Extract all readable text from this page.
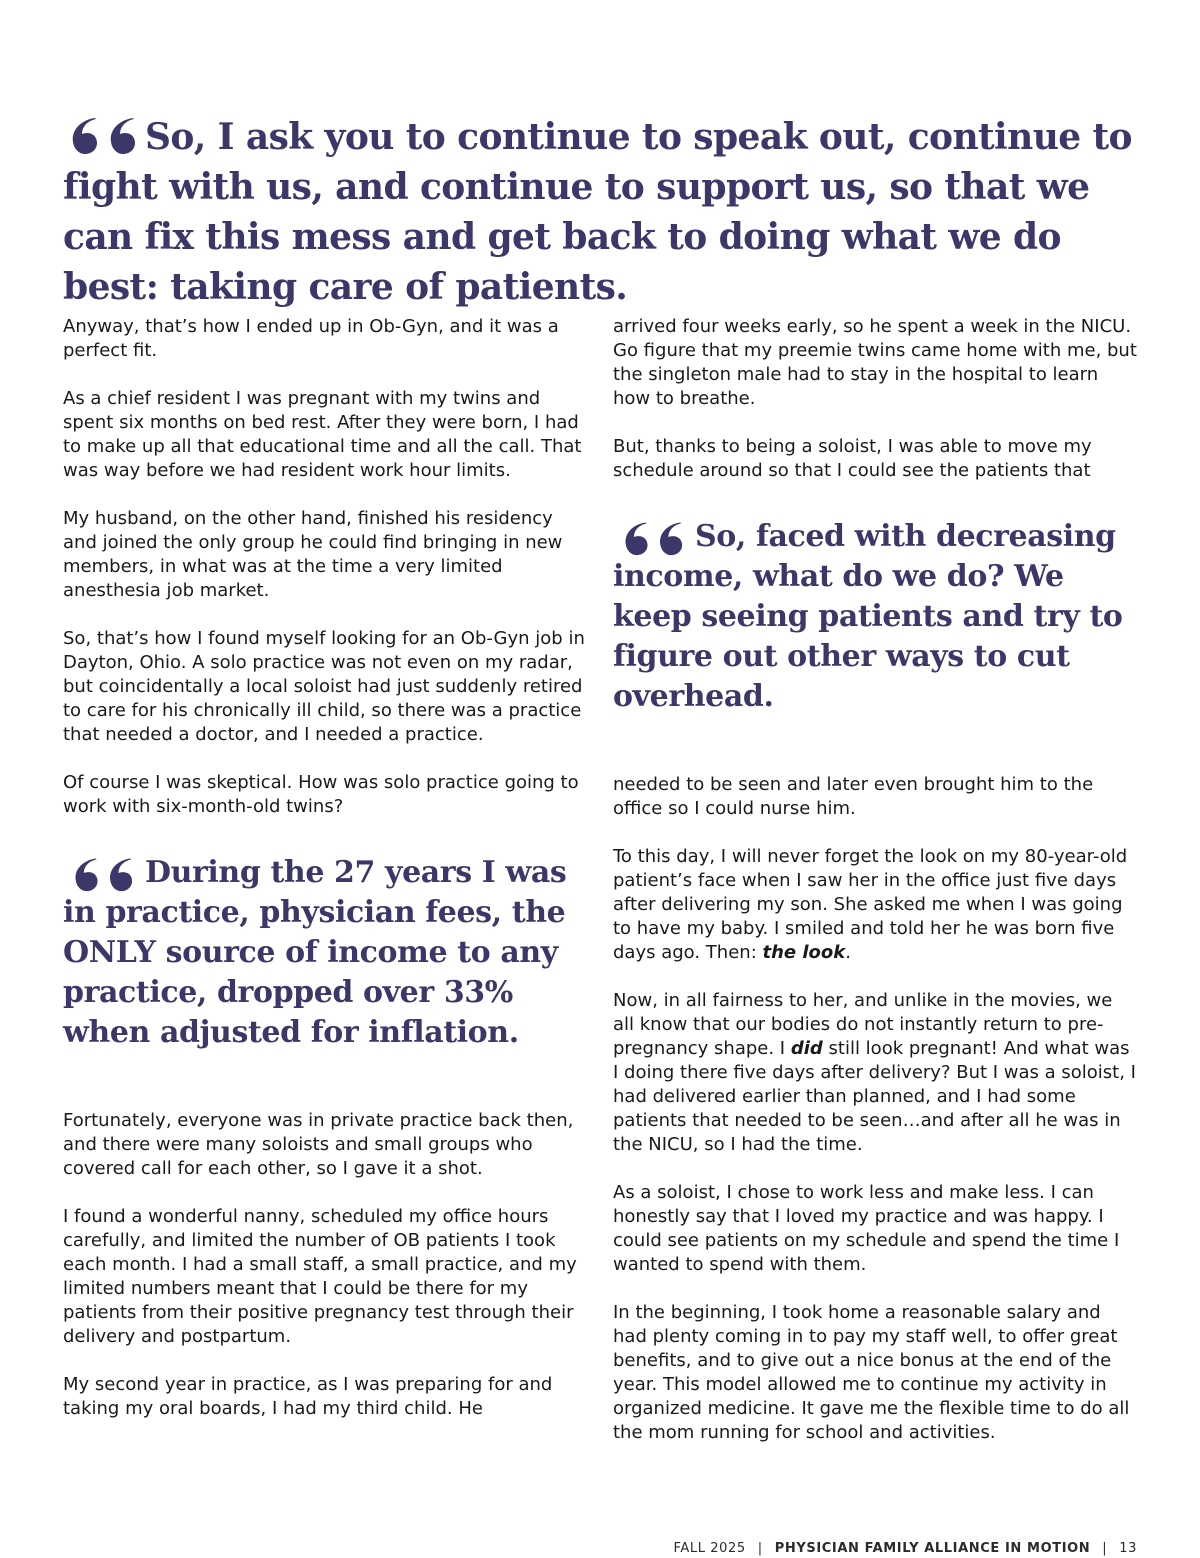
So, I ask you to continue to speak out, continue to fight with us, and continue to support us, so that we can fix this mess and get back to doing what we do best: taking care of patients.

Anyway, that’s how I ended up in Ob-Gyn, and it was a perfect fit.

As a chief resident I was pregnant with my twins and spent six months on bed rest. After they were born, I had to make up all that educational time and all the call. That was way before we had resident work hour limits.

My husband, on the other hand, finished his residency and joined the only group he could find bringing in new members, in what was at the time a very limited anesthesia job market.

So, that’s how I found myself looking for an Ob-Gyn job in Dayton, Ohio. A solo practice was not even on my radar, but coincidentally a local soloist had just suddenly retired to care for his chronically ill child, so there was a practice that needed a doctor, and I needed a practice.

Of course I was skeptical. How was solo practice going to work with six-month-old twins?

During the 27 years I was in practice, physician fees, the ONLY source of income to any practice, dropped over 33% when adjusted for inflation.

Fortunately, everyone was in private practice back then, and there were many soloists and small groups who covered call for each other, so I gave it a shot.

I found a wonderful nanny, scheduled my office hours carefully, and limited the number of OB patients I took each month. I had a small staff, a small practice, and my limited numbers meant that I could be there for my patients from their positive pregnancy test through their delivery and postpartum.

My second year in practice, as I was preparing for and taking my oral boards, I had my third child. He

arrived four weeks early, so he spent a week in the NICU. Go figure that my preemie twins came home with me, but the singleton male had to stay in the hospital to learn how to breathe.

But, thanks to being a soloist, I was able to move my schedule around so that I could see the patients that

So, faced with decreasing income, what do we do? We keep seeing patients and try to figure out other ways to cut overhead.

needed to be seen and later even brought him to the office so I could nurse him.

To this day, I will never forget the look on my 80-year-old patient’s face when I saw her in the office just five days after delivering my son. She asked me when I was going to have my baby. I smiled and told her he was born five days ago. Then: the look.

Now, in all fairness to her, and unlike in the movies, we all know that our bodies do not instantly return to pre-pregnancy shape. I did still look pregnant! And what was I doing there five days after delivery? But I was a soloist, I had delivered earlier than planned, and I had some patients that needed to be seen…and after all he was in the NICU, so I had the time.

As a soloist, I chose to work less and make less. I can honestly say that I loved my practice and was happy. I could see patients on my schedule and spend the time I wanted to spend with them.

In the beginning, I took home a reasonable salary and had plenty coming in to pay my staff well, to offer great benefits, and to give out a nice bonus at the end of the year. This model allowed me to continue my activity in organized medicine. It gave me the flexible time to do all the mom running for school and activities.

FALL 2025 | PHYSICIAN FAMILY ALLIANCE IN MOTION | 13
